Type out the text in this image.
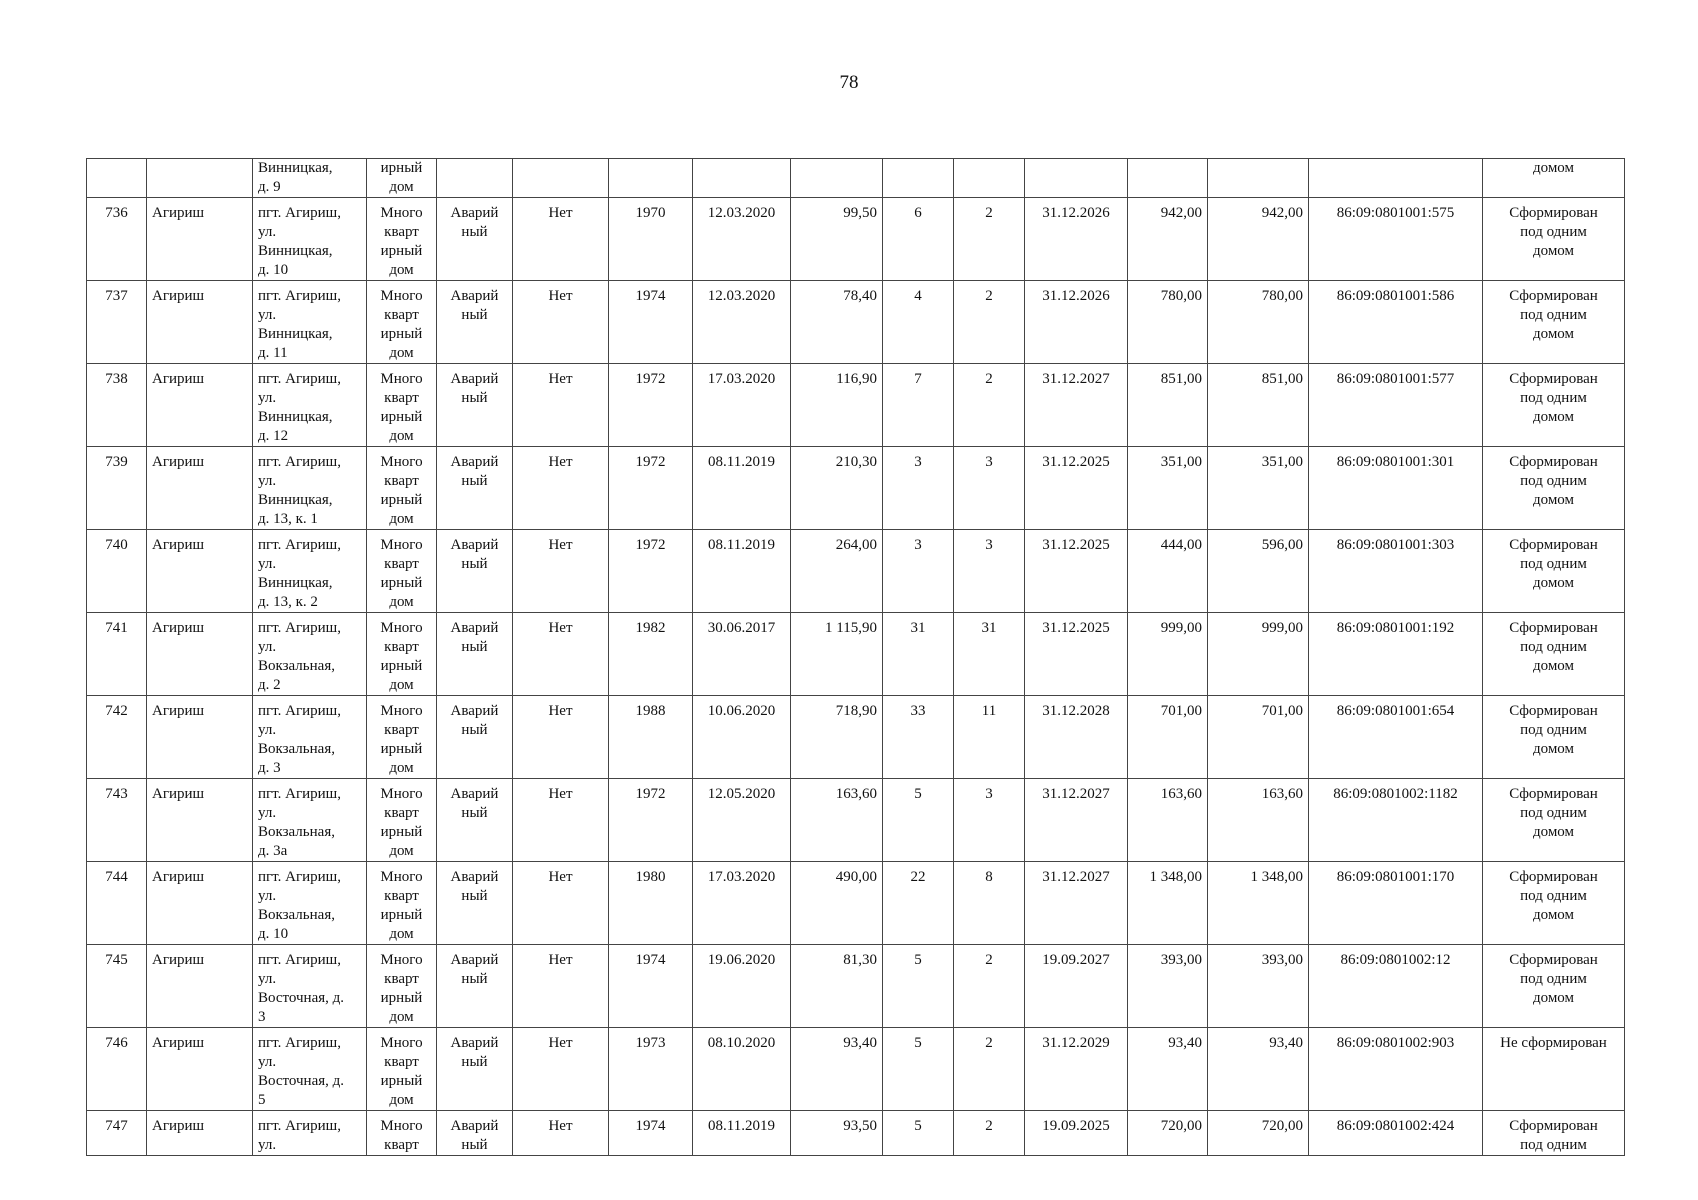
78
		Винницкая,
д. 9	ирный
дом												домом
736	Агириш	пгт. Агириш,
ул.
Винницкая,
д. 10	Много
кварт
ирный
дом	Аварий
ный	Нет	1970	12.03.2020	99,50	6	2	31.12.2026	942,00	942,00	86:09:0801001:575	Сформирован
под одним
домом
737	Агириш	пгт. Агириш,
ул.
Винницкая,
д. 11	Много
кварт
ирный
дом	Аварий
ный	Нет	1974	12.03.2020	78,40	4	2	31.12.2026	780,00	780,00	86:09:0801001:586	Сформирован
под одним
домом
738	Агириш	пгт. Агириш,
ул.
Винницкая,
д. 12	Много
кварт
ирный
дом	Аварий
ный	Нет	1972	17.03.2020	116,90	7	2	31.12.2027	851,00	851,00	86:09:0801001:577	Сформирован
под одним
домом
739	Агириш	пгт. Агириш,
ул.
Винницкая,
д. 13, к. 1	Много
кварт
ирный
дом	Аварий
ный	Нет	1972	08.11.2019	210,30	3	3	31.12.2025	351,00	351,00	86:09:0801001:301	Сформирован
под одним
домом
740	Агириш	пгт. Агириш,
ул.
Винницкая,
д. 13, к. 2	Много
кварт
ирный
дом	Аварий
ный	Нет	1972	08.11.2019	264,00	3	3	31.12.2025	444,00	596,00	86:09:0801001:303	Сформирован
под одним
домом
741	Агириш	пгт. Агириш,
ул.
Вокзальная,
д. 2	Много
кварт
ирный
дом	Аварий
ный	Нет	1982	30.06.2017	1 115,90	31	31	31.12.2025	999,00	999,00	86:09:0801001:192	Сформирован
под одним
домом
742	Агириш	пгт. Агириш,
ул.
Вокзальная,
д. 3	Много
кварт
ирный
дом	Аварий
ный	Нет	1988	10.06.2020	718,90	33	11	31.12.2028	701,00	701,00	86:09:0801001:654	Сформирован
под одним
домом
743	Агириш	пгт. Агириш,
ул.
Вокзальная,
д. 3а	Много
кварт
ирный
дом	Аварий
ный	Нет	1972	12.05.2020	163,60	5	3	31.12.2027	163,60	163,60	86:09:0801002:1182	Сформирован
под одним
домом
744	Агириш	пгт. Агириш,
ул.
Вокзальная,
д. 10	Много
кварт
ирный
дом	Аварий
ный	Нет	1980	17.03.2020	490,00	22	8	31.12.2027	1 348,00	1 348,00	86:09:0801001:170	Сформирован
под одним
домом
745	Агириш	пгт. Агириш,
ул.
Восточная, д.
3	Много
кварт
ирный
дом	Аварий
ный	Нет	1974	19.06.2020	81,30	5	2	19.09.2027	393,00	393,00	86:09:0801002:12	Сформирован
под одним
домом
746	Агириш	пгт. Агириш,
ул.
Восточная, д.
5	Много
кварт
ирный
дом	Аварий
ный	Нет	1973	08.10.2020	93,40	5	2	31.12.2029	93,40	93,40	86:09:0801002:903	Не сформирован
747	Агириш	пгт. Агириш,
ул.	Много
кварт	Аварий
ный	Нет	1974	08.11.2019	93,50	5	2	19.09.2025	720,00	720,00	86:09:0801002:424	Сформирован
под одним
